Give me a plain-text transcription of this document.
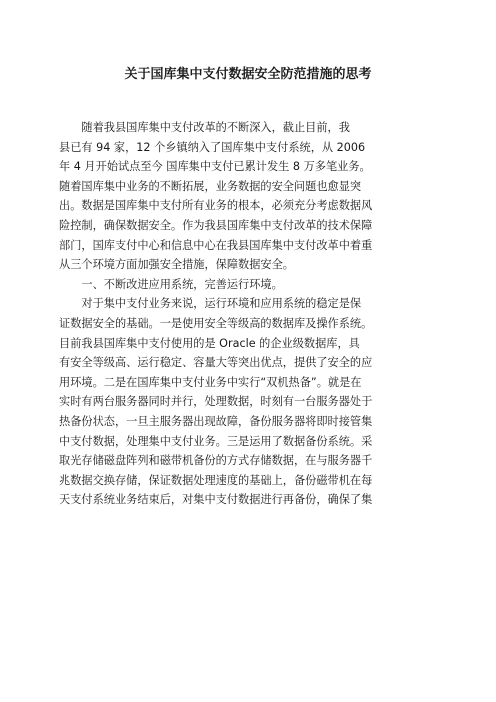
关于国库集中支付数据安全防范措施的思考
　　随着我县国库集中支付改革的不断深入，截止目前，我
县已有 94 家，12 个乡镇纳入了国库集中支付系统，从 2006
年 4 月开始试点至今 国库集中支付已累计发生 8 万多笔业务。
随着国库集中业务的不断拓展，业务数据的安全问题也愈显突
出。数据是国库集中支付所有业务的根本，必须充分考虑数据风
险控制，确保数据安全。作为我县国库集中支付改革的技术保障
部门，国库支付中心和信息中心在我县国库集中支付改革中着重
从三个环境方面加强安全措施，保障数据安全。
　　一、不断改进应用系统，完善运行环境。
　　对于集中支付业务来说，运行环境和应用系统的稳定是保
证数据安全的基础。一是使用安全等级高的数据库及操作系统。
目前我县国库集中支付使用的是 Oracle 的企业级数据库，具
有安全等级高、运行稳定、容量大等突出优点，提供了安全的应
用环境。二是在国库集中支付业务中实行“双机热备”。就是在
实时有两台服务器同时并行，处理数据，时刻有一台服务器处于
热备份状态，一旦主服务器出现故障，备份服务器将即时接管集
中支付数据，处理集中支付业务。三是运用了数据备份系统。采
取光存储磁盘阵列和磁带机备份的方式存储数据，在与服务器千
兆数据交换存储，保证数据处理速度的基础上，备份磁带机在每
天支付系统业务结束后，对集中支付数据进行再备份，确保了集
